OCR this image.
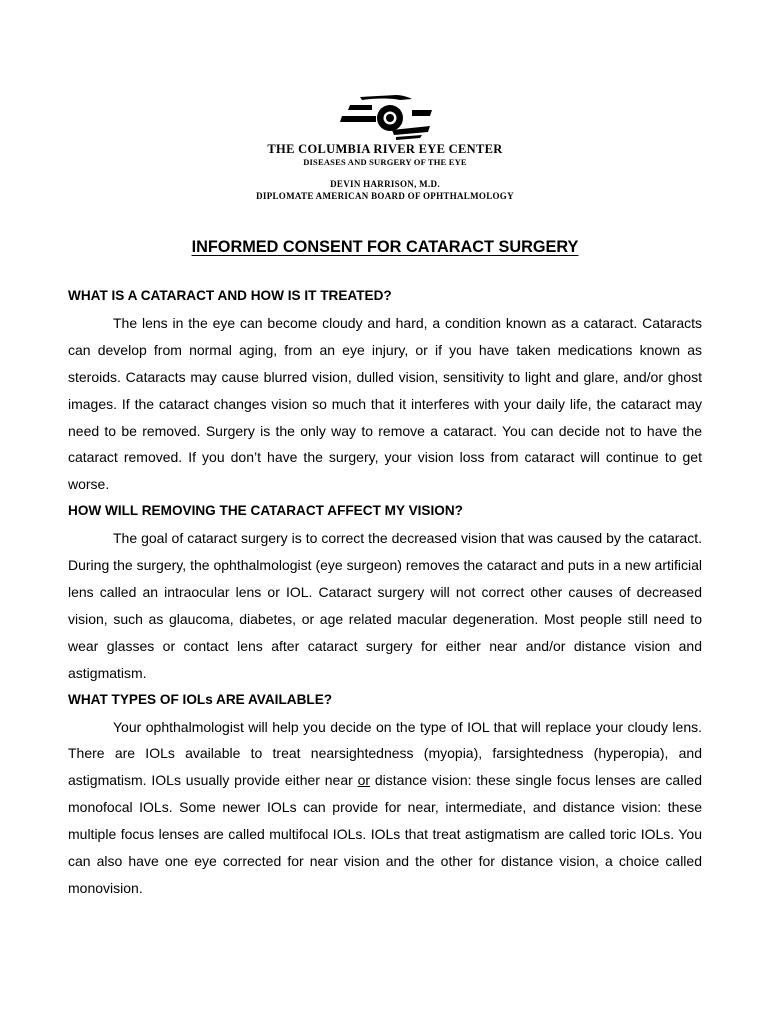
THE COLUMBIA RIVER EYE CENTER
DISEASES AND SURGERY OF THE EYE
DEVIN HARRISON, M.D.
DIPLOMATE AMERICAN BOARD OF OPHTHALMOLOGY
INFORMED CONSENT FOR CATARACT SURGERY

WHAT IS A CATARACT AND HOW IS IT TREATED?

The lens in the eye can become cloudy and hard, a condition known as a cataract. Cataracts can develop from normal aging, from an eye injury, or if you have taken medications known as steroids. Cataracts may cause blurred vision, dulled vision, sensitivity to light and glare, and/or ghost images. If the cataract changes vision so much that it interferes with your daily life, the cataract may need to be removed. Surgery is the only way to remove a cataract. You can decide not to have the cataract removed. If you don’t have the surgery, your vision loss from cataract will continue to get worse.

HOW WILL REMOVING THE CATARACT AFFECT MY VISION?

The goal of cataract surgery is to correct the decreased vision that was caused by the cataract. During the surgery, the ophthalmologist (eye surgeon) removes the cataract and puts in a new artificial lens called an intraocular lens or IOL. Cataract surgery will not correct other causes of decreased vision, such as glaucoma, diabetes, or age related macular degeneration. Most people still need to wear glasses or contact lens after cataract surgery for either near and/or distance vision and astigmatism.

WHAT TYPES OF IOLs ARE AVAILABLE?

Your ophthalmologist will help you decide on the type of IOL that will replace your cloudy lens. There are IOLs available to treat nearsightedness (myopia), farsightedness (hyperopia), and astigmatism. IOLs usually provide either near or distance vision: these single focus lenses are called monofocal IOLs. Some newer IOLs can provide for near, intermediate, and distance vision: these multiple focus lenses are called multifocal IOLs. IOLs that treat astigmatism are called toric IOLs. You can also have one eye corrected for near vision and the other for distance vision, a choice called monovision.
